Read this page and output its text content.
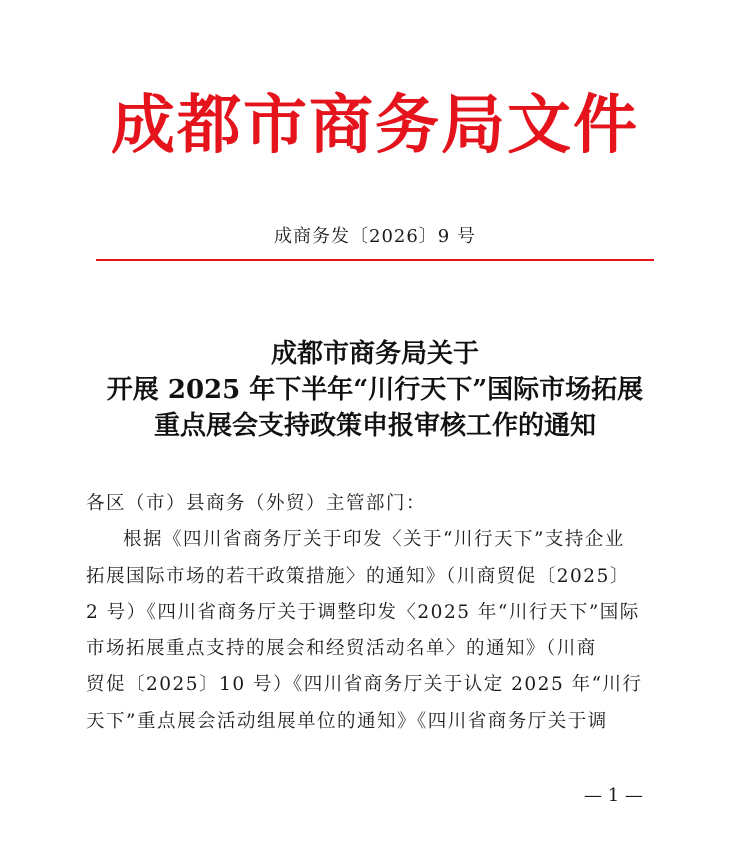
成都市商务局文件
成商务发〔2026〕9 号
成都市商务局关于
开展 2025 年下半年“川行天下”国际市场拓展
重点展会支持政策申报审核工作的通知
各区（市）县商务（外贸）主管部门：
根据《四川省商务厅关于印发〈关于“川行天下”支持企业
拓展国际市场的若干政策措施〉的通知》（川商贸促〔2025〕
2 号）《四川省商务厅关于调整印发〈2025 年“川行天下”国际
市场拓展重点支持的展会和经贸活动名单〉的通知》（川商
贸促〔2025〕10 号）《四川省商务厅关于认定 2025 年“川行
天下”重点展会活动组展单位的通知》《四川省商务厅关于调
— 1 —
